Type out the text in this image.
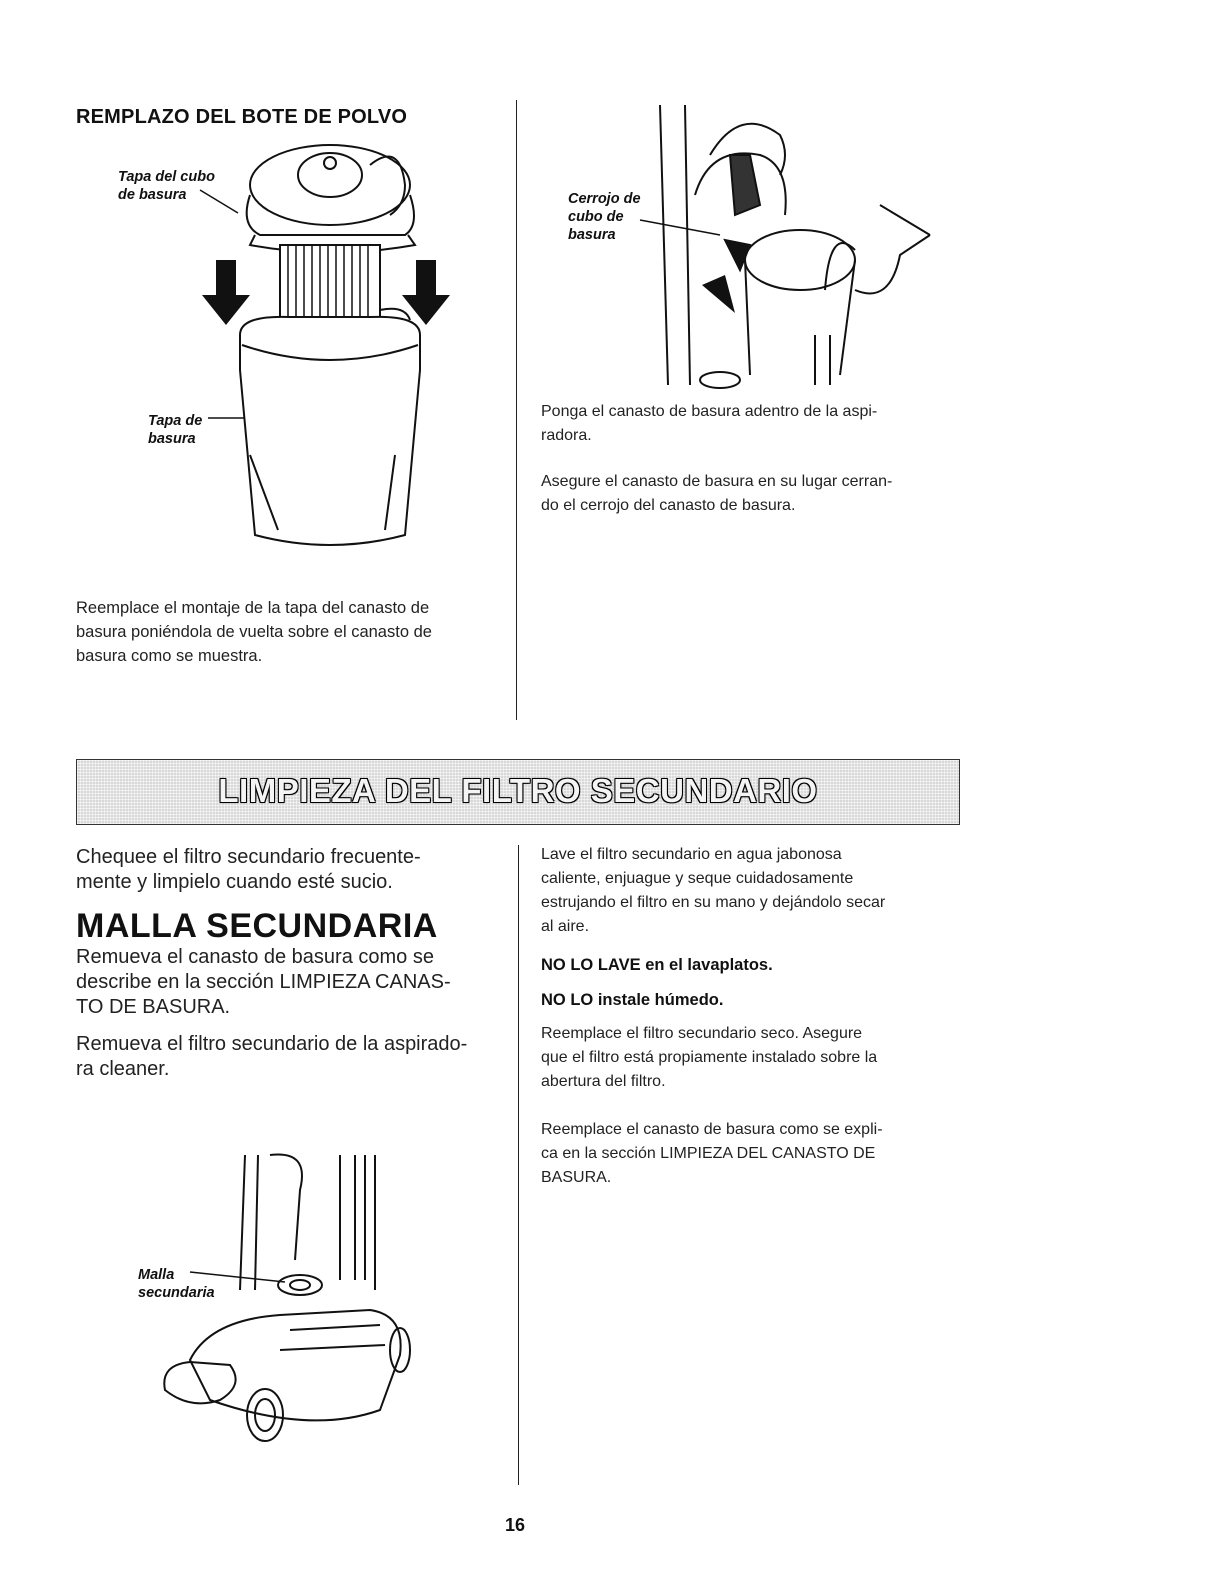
REMPLAZO DEL BOTE DE POLVO
Tapa del cubo
de basura
Tapa de
basura
Reemplace el montaje de la tapa del canasto de
basura poniéndola de vuelta sobre el canasto de
basura como se muestra.
Cerrojo de
cubo de
basura
Ponga el canasto de basura adentro de la aspi-
radora.
Asegure el canasto de basura en su lugar cerran-
do el cerrojo del canasto de basura.
LIMPIEZA DEL FILTRO SECUNDARIO
Chequee el filtro secundario frecuente-
mente y limpielo cuando esté sucio.
MALLA SECUNDARIA
Remueva el canasto de basura como se
describe en la sección LIMPIEZA CANAS-
TO DE BASURA.
Remueva el filtro secundario de la aspirado-
ra cleaner.
Malla
secundaria
Lave el filtro secundario en agua jabonosa
caliente, enjuague y seque cuidadosamente
estrujando el filtro en su mano y dejándolo secar
al aire.
NO LO LAVE en el lavaplatos.
NO LO instale húmedo.
Reemplace el filtro secundario seco. Asegure
que el filtro está propiamente instalado sobre la
abertura del filtro.
Reemplace el canasto de basura como se expli-
ca en la sección LIMPIEZA DEL CANASTO DE
BASURA.
16
